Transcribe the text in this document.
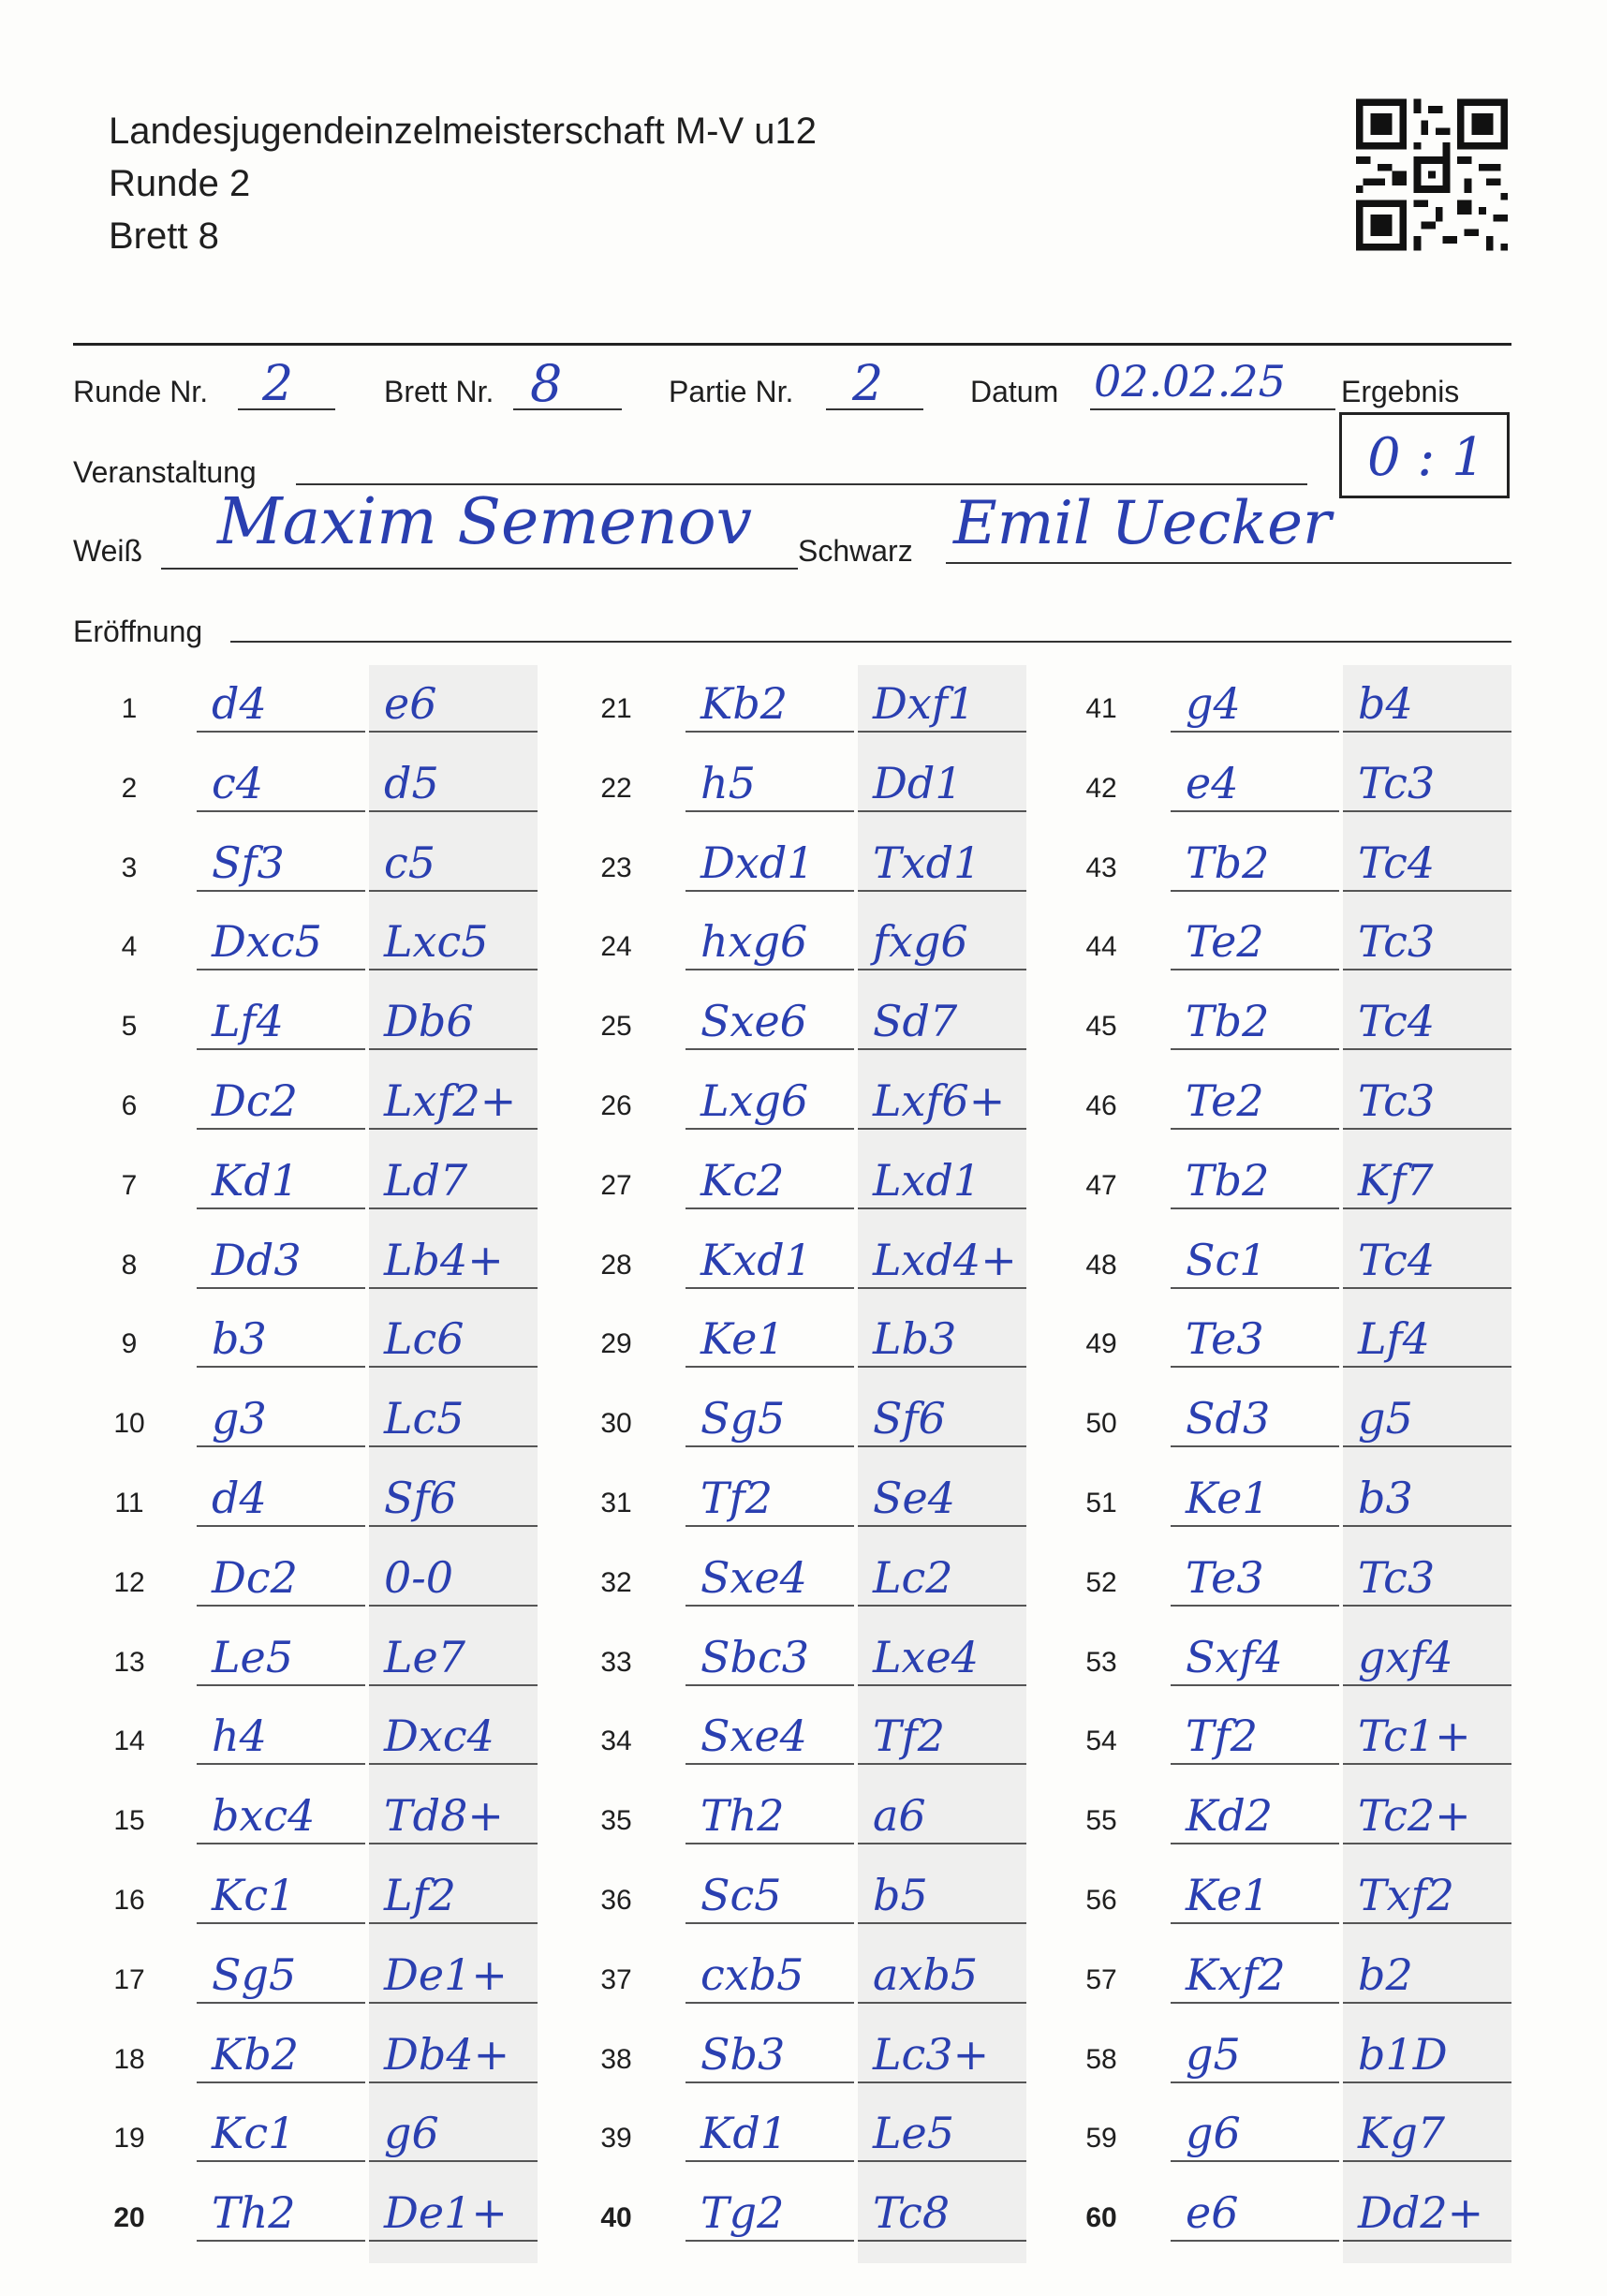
Landesjugendeinzelmeisterschaft M-V u12
Runde 2
Brett 8
Runde Nr. 2	Brett Nr. 8	Partie Nr. 2	Datum 02.02.25 Ergebnis
0 : 1
Veranstaltung
Weiß Maxim Semenov Schwarz Emil Uecker
Eröffnung
1	d4	e6
2	c4	d5
3	Sf3 c5
4	Dxc5 Lxc5
5	Lf4 Db6
6	Dc2 Lxf2+
7	Kd1 Ld7
8	Dd3 Lb4+
9	b3	Lc6
10 g3	Lc5
11	d4	Sf6
12 Dc2 0-0
13 Le5 Le7
14 h4	Dxc4
15 bxc4 Td8+
16 Kc1 Lf2
17 Sg5 De1+
18 Kb2 Db4+
19 Kc1 g6
20 Th2 De1+
21 Kb2 Dxf1
22 h5	Dd1
23 Dxd1 Txd1
24 hxg6 fxg6
25 Sxe6 Sd7
26 Lxg6 Lxf6+
27 Kc2 Lxd1
28 Kxd1 Lxd4+
29 Ke1 Lb3
30 Sg5 Sf6
31 Tf2 Se4
32 Sxe4 Lc2
33 Sbc3 Lxe4
34 Sxe4 Tf2
35 Th2 a6
36 Sc5 b5
37 cxb5 axb5
38 Sb3 Lc3+
39 Kd1 Le5
40 Tg2 Tc8
41 g4	b4
42 e4	Tc3
43 Tb2 Tc4
44 Te2 Tc3
45 Tb2 Tc4
46 Te2 Tc3
47 Tb2 Kf7
48 Sc1 Tc4
49 Te3 Lf4
50 Sd3 g5
51 Ke1 b3
52 Te3 Tc3
53 Sxf4 gxf4
54 Tf2 Tc1+
55 Kd2 Tc2+
56 Ke1 Txf2
57 Kxf2 b2
58 g5	b1D
59 g6	Kg7
60 e6	Dd2+
